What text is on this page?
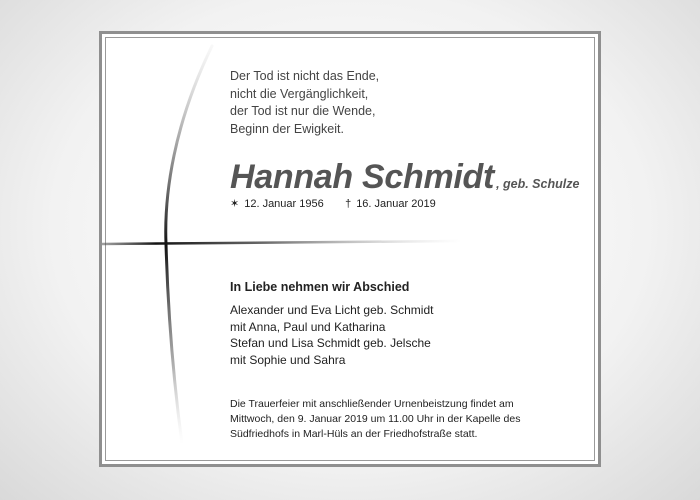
Der Tod ist nicht das Ende,
nicht die Vergänglichkeit,
der Tod ist nur die Wende,
Beginn der Ewigkeit.
Hannah Schmidt , geb. Schulze
✶ 12. Januar 1956 † 16. Januar 2019
In Liebe nehmen wir Abschied
Alexander und Eva Licht geb. Schmidt
mit Anna, Paul und Katharina
Stefan und Lisa Schmidt geb. Jelsche
mit Sophie und Sahra
Die Trauerfeier mit anschließender Urnenbeistzung findet am
Mittwoch, den 9. Januar 2019 um 11.00 Uhr in der Kapelle des
Südfriedhofs in Marl-Hüls an der Friedhofstraße statt.
